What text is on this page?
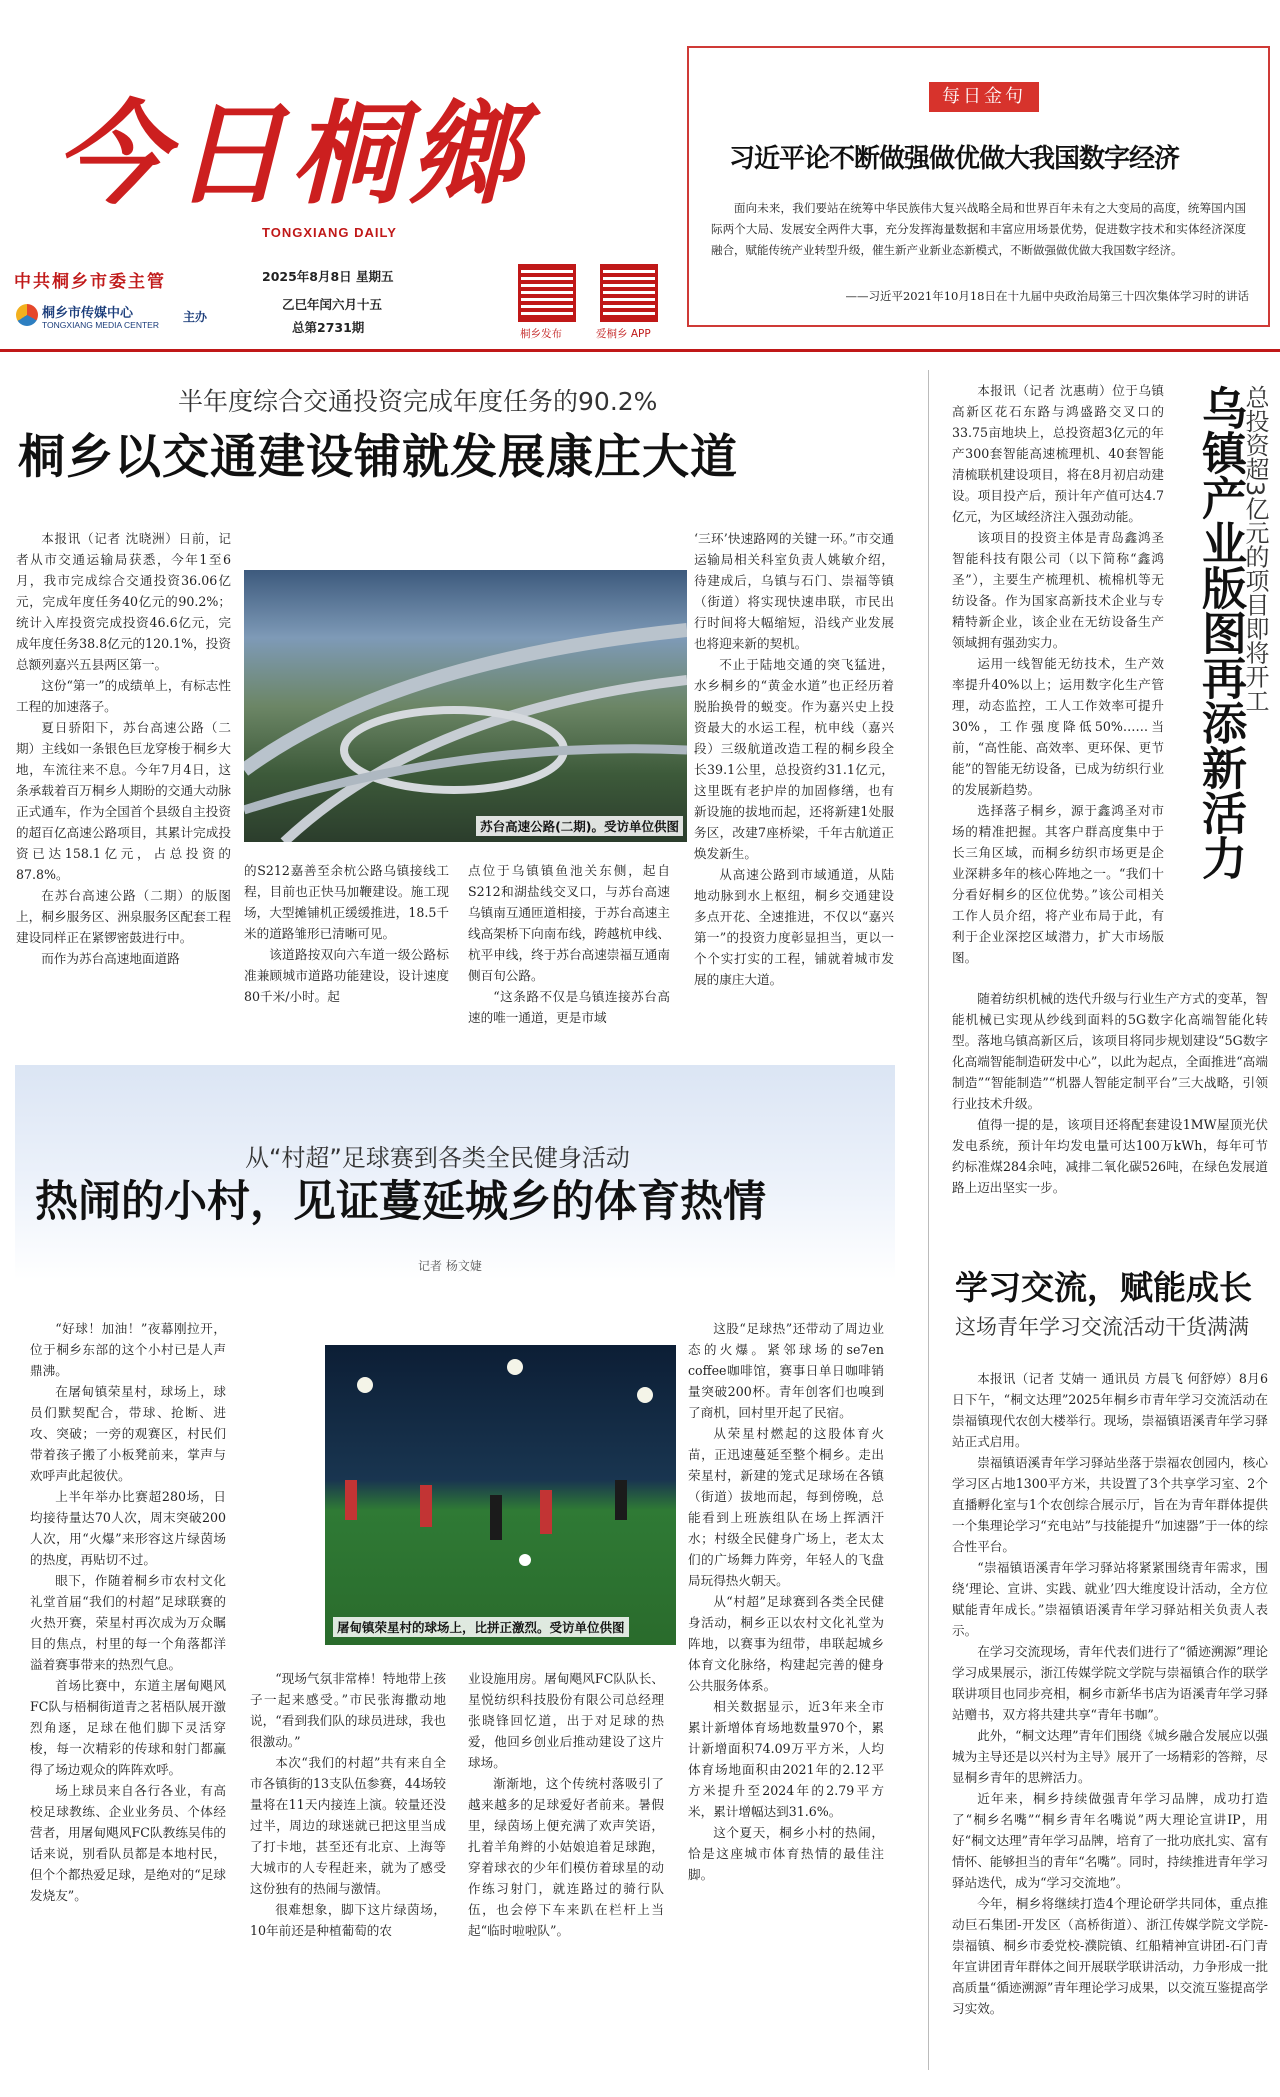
今日桐鄉
TONGXIANG DAILY
中共桐乡市委主管
桐乡市传媒中心
TONGXIANG MEDIA CENTER
主办
2025年8月8日 星期五
乙巳年闰六月十五
总第2731期	桐乡发布	爱桐乡 APP
每日金句
习近平论不断做强做优做大我国数字经济
面向未来，我们要站在统筹中华民族伟大复兴战略全局和世界百年未有之大变局的高度，统筹国内国际两个大局、发展安全两件大事，充分发挥海量数据和丰富应用场景优势，促进数字技术和实体经济深度融合，赋能传统产业转型升级，催生新产业新业态新模式，不断做强做优做大我国数字经济。
——习近平2021年10月18日在十九届中央政治局第三十四次集体学习时的讲话
半年度综合交通投资完成年度任务的90.2%
桐乡以交通建设铺就发展康庄大道

本报讯（记者 沈晓洲）日前，记者从市交通运输局获悉，今年1至6月，我市完成综合交通投资36.06亿元，完成年度任务40亿元的90.2%；统计入库投资完成投资46.6亿元，完成年度任务38.8亿元的120.1%，投资总额列嘉兴五县两区第一。

这份“第一”的成绩单上，有标志性工程的加速落子。

夏日骄阳下，苏台高速公路（二期）主线如一条银色巨龙穿梭于桐乡大地，车流往来不息。今年7月4日，这条承载着百万桐乡人期盼的交通大动脉正式通车，作为全国首个县级自主投资的超百亿高速公路项目，其累计完成投资已达158.1亿元，占总投资的87.8%。

在苏台高速公路（二期）的版图上，桐乡服务区、洲泉服务区配套工程建设同样正在紧锣密鼓进行中。

而作为苏台高速地面道路

苏台高速公路(二期)。受访单位供图

的S212嘉善至余杭公路乌镇接线工程，目前也正快马加鞭建设。施工现场，大型摊铺机正缓缓推进，18.5千米的道路雏形已清晰可见。

该道路按双向六车道一级公路标准兼顾城市道路功能建设，设计速度80千米/小时。起

点位于乌镇镇鱼池关东侧，起自S212和湖盐线交叉口，与苏台高速乌镇南互通匝道相接，于苏台高速主线高架桥下向南布线，跨越杭申线、杭平申线，终于苏台高速崇福互通南侧百旬公路。

“这条路不仅是乌镇连接苏台高速的唯一通道，更是市域

‘三环’快速路网的关键一环。”市交通运输局相关科室负责人姚敏介绍，待建成后，乌镇与石门、崇福等镇（街道）将实现快速串联，市民出行时间将大幅缩短，沿线产业发展也将迎来新的契机。

不止于陆地交通的突飞猛进，水乡桐乡的“黄金水道”也正经历着脱胎换骨的蜕变。作为嘉兴史上投资最大的水运工程，杭申线（嘉兴段）三级航道改造工程的桐乡段全长39.1公里，总投资约31.1亿元，这里既有老护岸的加固修缮，也有新设施的拔地而起，还将新建1处服务区，改建7座桥梁，千年古航道正焕发新生。

从高速公路到市域通道，从陆地动脉到水上枢纽，桐乡交通建设多点开花、全速推进，不仅以“嘉兴第一”的投资力度彰显担当，更以一个个实打实的工程，铺就着城市发展的康庄大道。

乌镇产业版图再添新活力
总投资超3亿元的项目即将开工

本报讯（记者 沈惠萌）位于乌镇高新区花石东路与鸿盛路交叉口的33.75亩地块上，总投资超3亿元的年产300套智能高速梳理机、40套智能清梳联机建设项目，将在8月初启动建设。项目投产后，预计年产值可达4.7亿元，为区域经济注入强劲动能。

该项目的投资主体是青岛鑫鸿圣智能科技有限公司（以下简称“鑫鸿圣”），主要生产梳理机、梳棉机等无纺设备。作为国家高新技术企业与专精特新企业，该企业在无纺设备生产领域拥有强劲实力。

运用一线智能无纺技术，生产效率提升40%以上；运用数字化生产管理，动态监控，工人工作效率可提升30%，工作强度降低50%……当前，“高性能、高效率、更环保、更节能”的智能无纺设备，已成为纺织行业的发展新趋势。

选择落子桐乡，源于鑫鸿圣对市场的精准把握。其客户群高度集中于长三角区域，而桐乡纺织市场更是企业深耕多年的核心阵地之一。“我们十分看好桐乡的区位优势。”该公司相关工作人员介绍，将产业布局于此，有利于企业深挖区域潜力，扩大市场版图。

随着纺织机械的迭代升级与行业生产方式的变革，智能机械已实现从纱线到面料的5G数字化高端智能化转型。落地乌镇高新区后，该项目将同步规划建设“5G数字化高端智能制造研发中心”，以此为起点，全面推进“高端制造”“智能制造”“机器人智能定制平台”三大战略，引领行业技术升级。

值得一提的是，该项目还将配套建设1MW屋顶光伏发电系统，预计年均发电量可达100万kWh，每年可节约标准煤284余吨，减排二氧化碳526吨，在绿色发展道路上迈出坚实一步。

从“村超”足球赛到各类全民健身活动
热闹的小村，见证蔓延城乡的体育热情
记者 杨文婕

“好球！加油！”夜幕刚拉开，位于桐乡东部的这个小村已是人声鼎沸。

在屠甸镇荣星村，球场上，球员们默契配合，带球、抢断、进攻、突破；一旁的观赛区，村民们带着孩子搬了小板凳前来，掌声与欢呼声此起彼伏。

上半年举办比赛超280场，日均接待量达70人次，周末突破200人次，用“火爆”来形容这片绿茵场的热度，再贴切不过。

眼下，作随着桐乡市农村文化礼堂首届“我们的村超”足球联赛的火热开赛，荣星村再次成为万众瞩目的焦点，村里的每一个角落都洋溢着赛事带来的热烈气息。

首场比赛中，东道主屠甸飓风FC队与梧桐街道青之茗梧队展开激烈角逐，足球在他们脚下灵活穿梭，每一次精彩的传球和射门都赢得了场边观众的阵阵欢呼。

场上球员来自各行各业，有高校足球教练、企业业务员、个体经营者，用屠甸飓风FC队教练吴伟的话来说，别看队员都是本地村民，但个个都热爱足球，是绝对的“足球发烧友”。

屠甸镇荣星村的球场上，比拼正激烈。受访单位供图

“现场气氛非常棒！特地带上孩子一起来感受。”市民张海撒动地说，“看到我们队的球员进球，我也很激动。”

本次“我们的村超”共有来自全市各镇街的13支队伍参赛，44场较量将在11天内接连上演。较量还没过半，周边的球迷就已把这里当成了打卡地，甚至还有北京、上海等大城市的人专程赶来，就为了感受这份独有的热闹与激情。

很难想象，脚下这片绿茵场，10年前还是种植葡萄的农

业设施用房。屠甸飓风FC队队长、星悦纺织科技股份有限公司总经理张晓锋回忆道，出于对足球的热爱，他回乡创业后推动建设了这片球场。

渐渐地，这个传统村落吸引了越来越多的足球爱好者前来。暑假里，绿茵场上便充满了欢声笑语，扎着羊角辫的小姑娘追着足球跑，穿着球衣的少年们模仿着球星的动作练习射门，就连路过的骑行队伍，也会停下车来趴在栏杆上当起“临时啦啦队”。

这股“足球热”还带动了周边业态的火爆。紧邻球场的se7en coffee咖啡馆，赛事日单日咖啡销量突破200杯。青年创客们也嗅到了商机，回村里开起了民宿。

从荣星村燃起的这股体育火苗，正迅速蔓延至整个桐乡。走出荣星村，新建的笼式足球场在各镇（街道）拔地而起，每到傍晚，总能看到上班族组队在场上挥洒汗水；村级全民健身广场上，老太太们的广场舞力阵旁，年轻人的飞盘局玩得热火朝天。

从“村超”足球赛到各类全民健身活动，桐乡正以农村文化礼堂为阵地，以赛事为纽带，串联起城乡体育文化脉络，构建起完善的健身公共服务体系。

相关数据显示，近3年来全市累计新增体育场地数量970个，累计新增面积74.09万平方米，人均体育场地面积由2021年的2.12平方米提升至2024年的2.79平方米，累计增幅达到31.6%。

这个夏天，桐乡小村的热闹，恰是这座城市体育热情的最佳注脚。

学习交流，赋能成长
这场青年学习交流活动干货满满

本报讯（记者 艾婧一 通讯员 方晨飞 何舒婷）8月6日下午，“桐文达理”2025年桐乡市青年学习交流活动在崇福镇现代农创大楼举行。现场，崇福镇语溪青年学习驿站正式启用。

崇福镇语溪青年学习驿站坐落于崇福农创园内，核心学习区占地1300平方米，共设置了3个共享学习室、2个直播孵化室与1个农创综合展示厅，旨在为青年群体提供一个集理论学习“充电站”与技能提升“加速器”于一体的综合性平台。

“崇福镇语溪青年学习驿站将紧紧围绕青年需求，围绕‘理论、宣讲、实践、就业’四大维度设计活动，全方位赋能青年成长。”崇福镇语溪青年学习驿站相关负责人表示。

在学习交流现场，青年代表们进行了“循迹溯源”理论学习成果展示，浙江传媒学院文学院与崇福镇合作的联学联讲项目也同步亮相，桐乡市新华书店为语溪青年学习驿站赠书，双方将共建共享“青年书咖”。

此外，“桐文达理”青年们围绕《城乡融合发展应以强城为主导还是以兴村为主导》展开了一场精彩的答辩，尽显桐乡青年的思辨活力。

近年来，桐乡持续做强青年学习品牌，成功打造了“桐乡名嘴”“桐乡青年名嘴说”两大理论宣讲IP，用好“桐文达理”青年学习品牌，培育了一批功底扎实、富有情怀、能够担当的青年“名嘴”。同时，持续推进青年学习驿站迭代，成为“学习交流地”。

今年，桐乡将继续打造4个理论研学共同体，重点推动巨石集团-开发区（高桥街道）、浙江传媒学院文学院-崇福镇、桐乡市委党校-濮院镇、红船精神宣讲团-石门青年宣讲团青年群体之间开展联学联讲活动，力争形成一批高质量“循迹溯源”青年理论学习成果，以交流互鉴提高学习实效。
